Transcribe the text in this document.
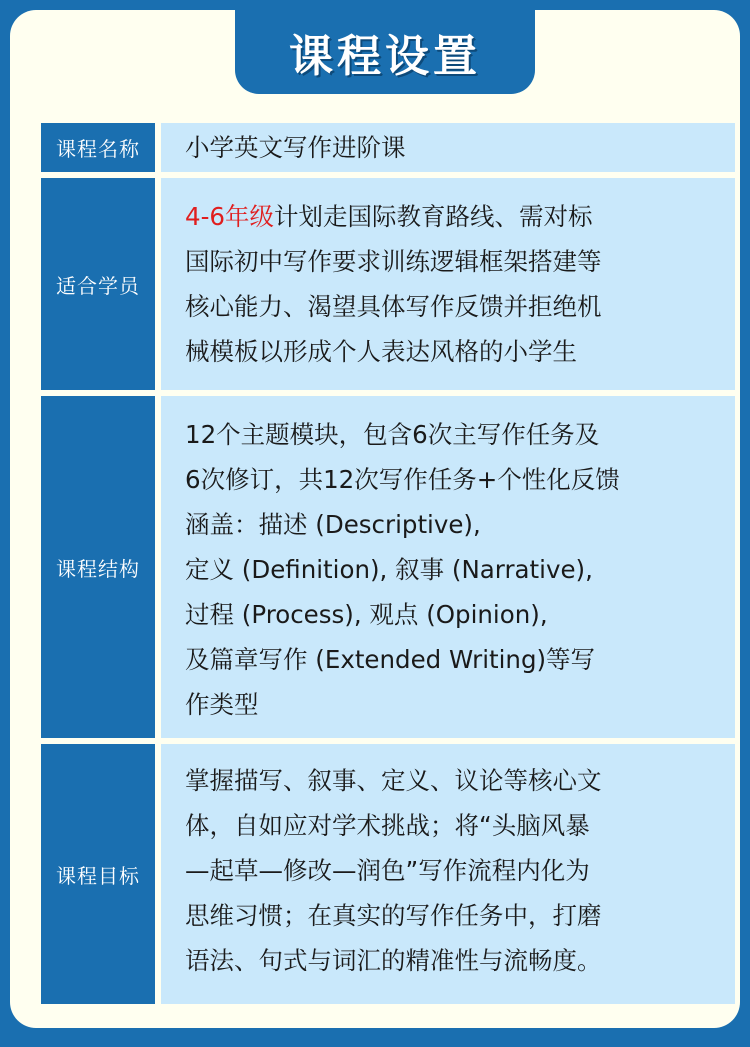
课程设置
课程名称	小学英文写作进阶课
适合学员

4-6年级计划走国际教育路线、需对标

国际初中写作要求训练逻辑框架搭建等

核心能力、渴望具体写作反馈并拒绝机

械模板以形成个人表达风格的小学生

课程结构

12个主题模块，包含6次主写作任务及

6次修订，共12次写作任务+个性化反馈

涵盖：描述 (Descriptive),

定义 (Definition), 叙事 (Narrative),

过程 (Process), 观点 (Opinion),

及篇章写作 (Extended Writing)等写

作类型

课程目标

掌握描写、叙事、定义、议论等核心文

体，自如应对学术挑战；将“头脑风暴

—起草—修改—润色”写作流程内化为

思维习惯；在真实的写作任务中，打磨

语法、句式与词汇的精准性与流畅度。
